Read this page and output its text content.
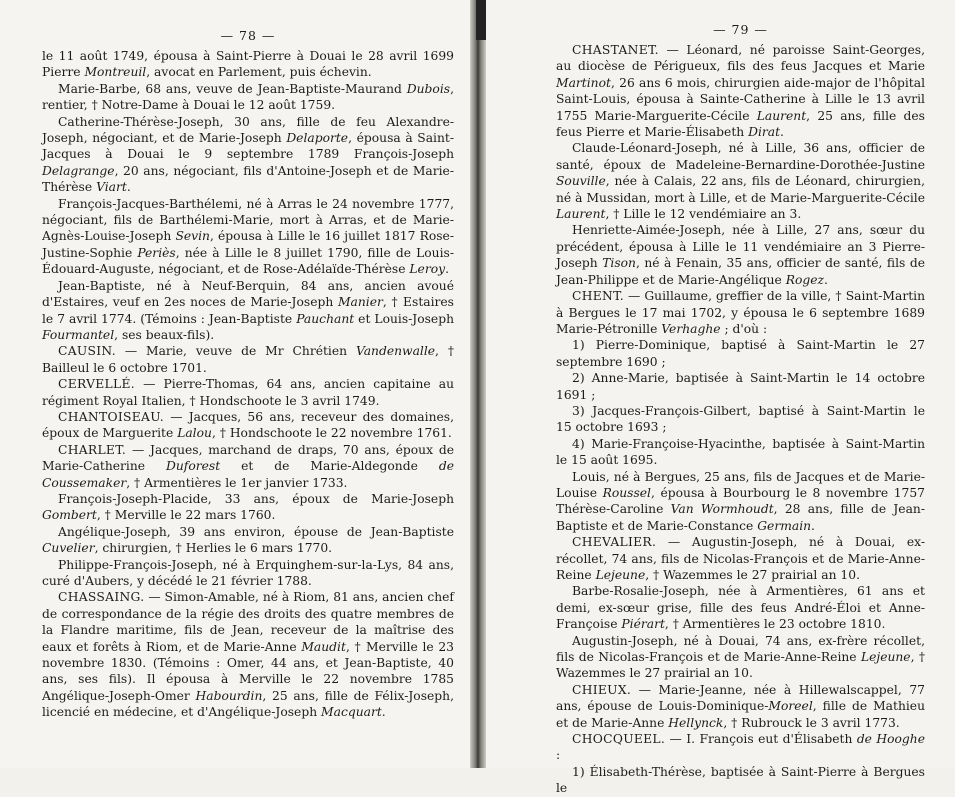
— 78 —

le 11 août 1749, épousa à Saint-Pierre à Douai le 28 avril 1699 Pierre Montreuil, avocat en Parlement, puis échevin.

Marie-Barbe, 68 ans, veuve de Jean-Baptiste-Maurand Dubois, rentier, † Notre-Dame à Douai le 12 août 1759.

Catherine-Thérèse-Joseph, 30 ans, fille de feu Alexandre-Joseph, négociant, et de Marie-Joseph Delaporte, épousa à Saint-Jacques à Douai le 9 septembre 1789 François-Joseph Delagrange, 20 ans, négociant, fils d'Antoine-Joseph et de Marie-Thérèse Viart.

François-Jacques-Barthélemi, né à Arras le 24 novembre 1777, négociant, fils de Barthélemi-Marie, mort à Arras, et de Marie-Agnès-Louise-Joseph Sevin, épousa à Lille le 16 juillet 1817 Rose-Justine-Sophie Periès, née à Lille le 8 juillet 1790, fille de Louis-Édouard-Auguste, négociant, et de Rose-Adélaïde-Thérèse Leroy.

Jean-Baptiste, né à Neuf-Berquin, 84 ans, ancien avoué d'Estaires, veuf en 2es noces de Marie-Joseph Manier, † Estaires le 7 avril 1774. (Témoins : Jean-Baptiste Pauchant et Louis-Joseph Fourmantel, ses beaux-fils).

CAUSIN. — Marie, veuve de Mr Chrétien Vandenwalle, † Bailleul le 6 octobre 1701.

CERVELLÉ. — Pierre-Thomas, 64 ans, ancien capitaine au régiment Royal Italien, † Hondschoote le 3 avril 1749.

CHANTOISEAU. — Jacques, 56 ans, receveur des domaines, époux de Marguerite Lalou, † Hondschoote le 22 novembre 1761.

CHARLET. — Jacques, marchand de draps, 70 ans, époux de Marie-Catherine Duforest et de Marie-Aldegonde de Coussemaker, † Armentières le 1er janvier 1733.

François-Joseph-Placide, 33 ans, époux de Marie-Joseph Gombert, † Merville le 22 mars 1760.

Angélique-Joseph, 39 ans environ, épouse de Jean-Baptiste Cuvelier, chirurgien, † Herlies le 6 mars 1770.

Philippe-François-Joseph, né à Erquinghem-sur-la-Lys, 84 ans, curé d'Aubers, y décédé le 21 février 1788.

CHASSAING. — Simon-Amable, né à Riom, 81 ans, ancien chef de correspondance de la régie des droits des quatre membres de la Flandre maritime, fils de Jean, receveur de la maîtrise des eaux et forêts à Riom, et de Marie-Anne Maudit, † Merville le 23 novembre 1830. (Témoins : Omer, 44 ans, et Jean-Baptiste, 40 ans, ses fils). Il épousa à Merville le 22 novembre 1785 Angélique-Joseph-Omer Habourdin, 25 ans, fille de Félix-Joseph, licencié en médecine, et d'Angélique-Joseph Macquart.

— 79 —

CHASTANET. — Léonard, né paroisse Saint-Georges, au diocèse de Périgueux, fils des feus Jacques et Marie Martinot, 26 ans 6 mois, chirurgien aide-major de l'hôpital Saint-Louis, épousa à Sainte-Catherine à Lille le 13 avril 1755 Marie-Marguerite-Cécile Laurent, 25 ans, fille des feus Pierre et Marie-Élisabeth Dirat.

Claude-Léonard-Joseph, né à Lille, 36 ans, officier de santé, époux de Madeleine-Bernardine-Dorothée-Justine Souville, née à Calais, 22 ans, fils de Léonard, chirurgien, né à Mussidan, mort à Lille, et de Marie-Marguerite-Cécile Laurent, † Lille le 12 vendémiaire an 3.

Henriette-Aimée-Joseph, née à Lille, 27 ans, sœur du précédent, épousa à Lille le 11 vendémiaire an 3 Pierre-Joseph Tison, né à Fenain, 35 ans, officier de santé, fils de Jean-Philippe et de Marie-Angélique Rogez.

CHENT. — Guillaume, greffier de la ville, † Saint-Martin à Bergues le 17 mai 1702, y épousa le 6 septembre 1689 Marie-Pétronille Verhaghe ; d'où :

1) Pierre-Dominique, baptisé à Saint-Martin le 27 septembre 1690 ;

2) Anne-Marie, baptisée à Saint-Martin le 14 octobre 1691 ;

3) Jacques-François-Gilbert, baptisé à Saint-Martin le 15 octobre 1693 ;

4) Marie-Françoise-Hyacinthe, baptisée à Saint-Martin le 15 août 1695.

Louis, né à Bergues, 25 ans, fils de Jacques et de Marie-Louise Roussel, épousa à Bourbourg le 8 novembre 1757 Thérèse-Caroline Van Wormhoudt, 28 ans, fille de Jean-Baptiste et de Marie-Constance Germain.

CHEVALIER. — Augustin-Joseph, né à Douai, ex-récollet, 74 ans, fils de Nicolas-François et de Marie-Anne-Reine Lejeune, † Wazemmes le 27 prairial an 10.

Barbe-Rosalie-Joseph, née à Armentières, 61 ans et demi, ex-sœur grise, fille des feus André-Éloi et Anne-Françoise Piérart, † Armentières le 23 octobre 1810.

Augustin-Joseph, né à Douai, 74 ans, ex-frère récollet, fils de Nicolas-François et de Marie-Anne-Reine Lejeune, † Wazemmes le 27 prairial an 10.

CHIEUX. — Marie-Jeanne, née à Hillewalscappel, 77 ans, épouse de Louis-Dominique-Moreel, fille de Mathieu et de Marie-Anne Hellynck, † Rubrouck le 3 avril 1773.

CHOCQUEEL. — I. François eut d'Élisabeth de Hooghe :

1) Élisabeth-Thérèse, baptisée à Saint-Pierre à Bergues le
